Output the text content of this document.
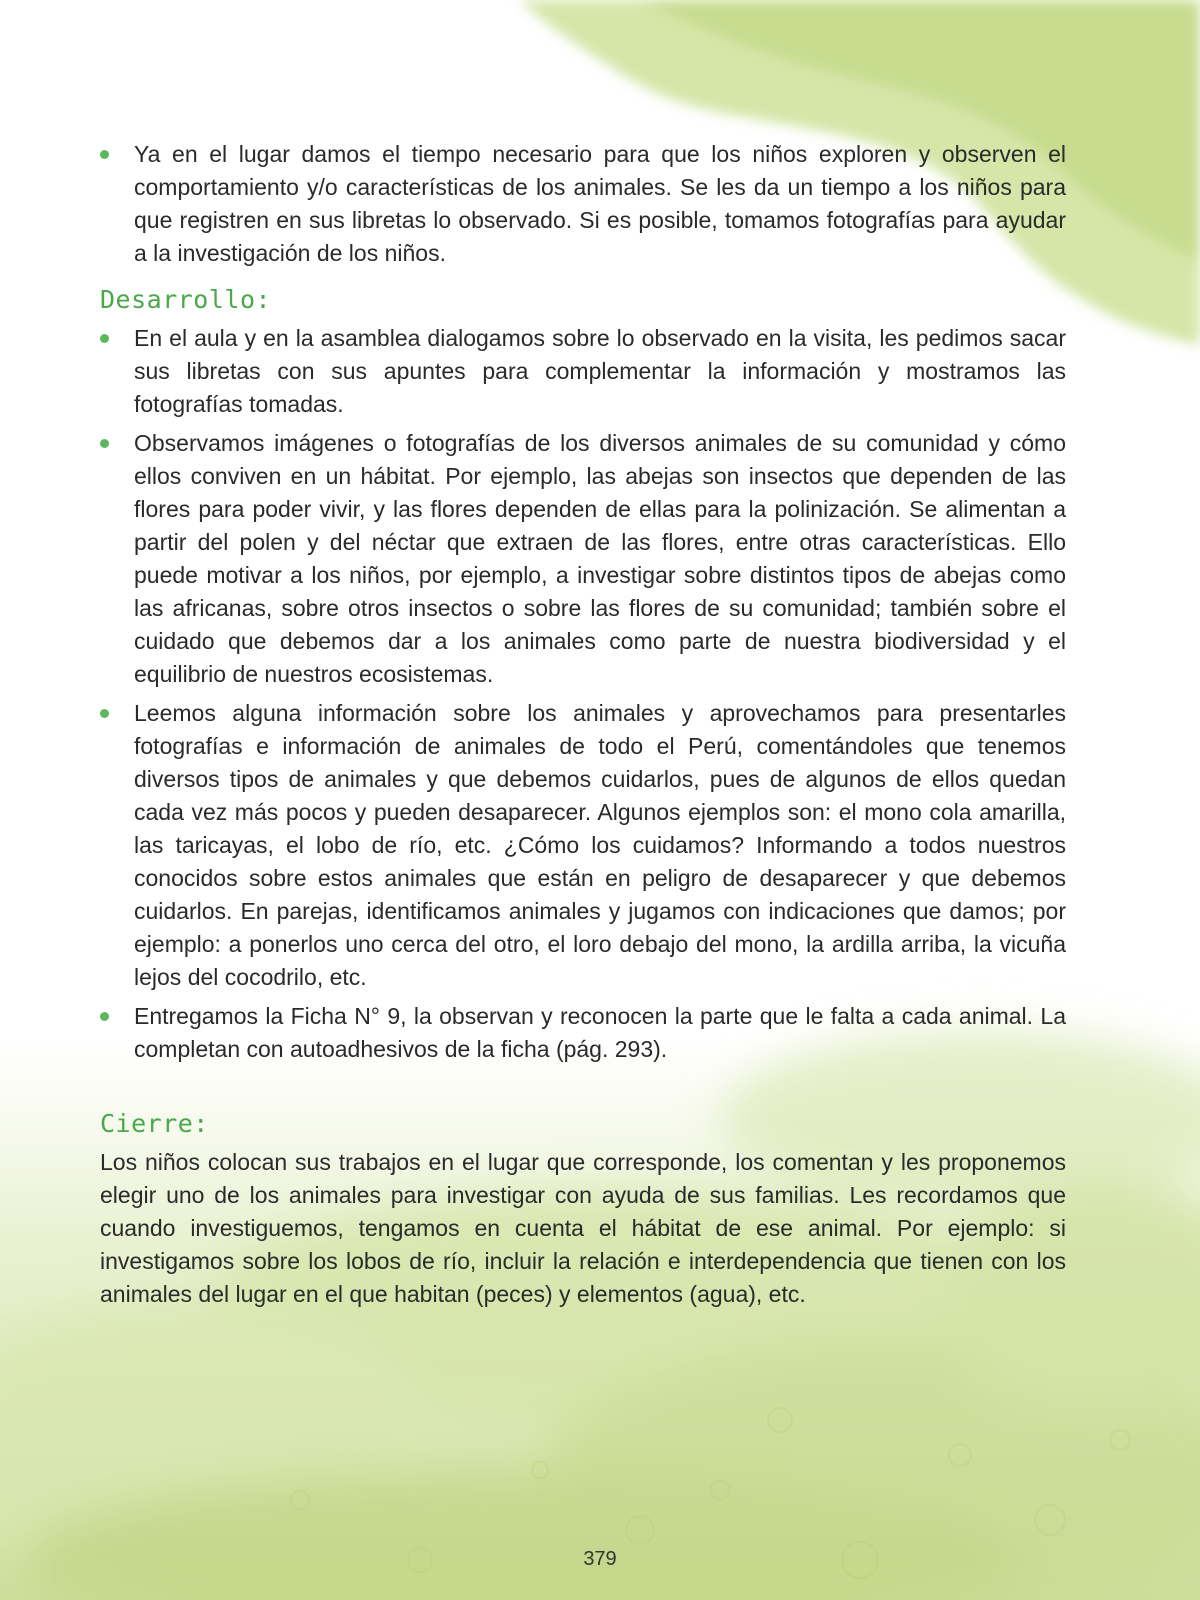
Ya en el lugar damos el tiempo necesario para que los niños exploren y observen el comportamiento y/o características de los animales. Se les da un tiempo a los niños para que registren en sus libretas lo observado. Si es posible, tomamos fotografías para ayudar a la investigación de los niños.
Desarrollo:
En el aula y en la asamblea dialogamos sobre lo observado en la visita, les pedimos sacar sus libretas con sus apuntes para complementar la información y mostramos las fotografías tomadas.
Observamos imágenes o fotografías de los diversos animales de su comunidad y cómo ellos conviven en un hábitat. Por ejemplo, las abejas son insectos que dependen de las flores para poder vivir, y las flores dependen de ellas para la polinización. Se alimentan a partir del polen y del néctar que extraen de las flores, entre otras características. Ello puede motivar a los niños, por ejemplo, a investigar sobre distintos tipos de abejas como las africanas, sobre otros insectos o sobre las flores de su comunidad; también sobre el cuidado que debemos dar a los animales como parte de nuestra biodiversidad y el equilibrio de nuestros ecosistemas.
Leemos alguna información sobre los animales y aprovechamos para presentarles fotografías e información de animales de todo el Perú, comentándoles que tenemos diversos tipos de animales y que debemos cuidarlos, pues de algunos de ellos quedan cada vez más pocos y pueden desaparecer. Algunos ejemplos son: el mono cola amarilla, las taricayas, el lobo de río, etc. ¿Cómo los cuidamos? Informando a todos nuestros conocidos sobre estos animales que están en peligro de desaparecer y que debemos cuidarlos. En parejas, identificamos animales y jugamos con indicaciones que damos; por ejemplo: a ponerlos uno cerca del otro, el loro debajo del mono, la ardilla arriba, la vicuña lejos del cocodrilo, etc.
Entregamos la Ficha N° 9, la observan y reconocen la parte que le falta a cada animal. La completan con autoadhesivos de la ficha (pág. 293).
Cierre:

Los niños colocan sus trabajos en el lugar que corresponde, los comentan y les proponemos elegir uno de los animales para investigar con ayuda de sus familias. Les recordamos que cuando investiguemos, tengamos en cuenta el hábitat de ese animal. Por ejemplo: si investigamos sobre los lobos de río, incluir la relación e interdependencia que tienen con los animales del lugar en el que habitan (peces) y elementos (agua), etc.

379
